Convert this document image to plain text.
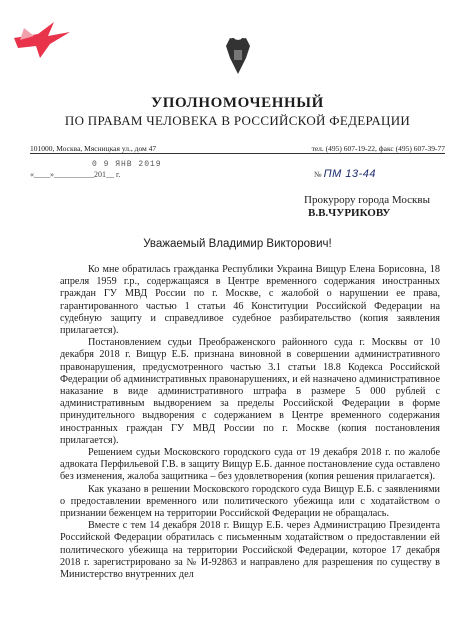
УПОЛНОМОЧЕННЫЙ
ПО ПРАВАМ ЧЕЛОВЕКА В РОССИЙСКОЙ ФЕДЕРАЦИИ
101000, Москва, Мясницкая ул., дом 47	тел. (495) 607-19-22, факс (495) 607-39-77
0 9 ЯНВ 2019
«____»__________201__ г.	№ ПМ 13-44
Прокурору города Москвы
В.В.ЧУРИКОВУ
Уважаемый Владимир Викторович!

Ко мне обратилась гражданка Республики Украина Вищур Елена Борисовна, 18 апреля 1959 г.р., содержащаяся в Центре временного содержания иностранных граждан ГУ МВД России по г. Москве, с жалобой о нарушении ее права, гарантированного частью 1 статьи 46 Конституции Российской Федерации на судебную защиту и справедливое судебное разбирательство (копия заявления прилагается).

Постановлением судьи Преображенского районного суда г. Москвы от 10 декабря 2018 г. Вищур Е.Б. признана виновной в совершении административного правонарушения, предусмотренного частью 3.1 статьи 18.8 Кодекса Российской Федерации об административных правонарушениях, и ей назначено административное наказание в виде административного штрафа в размере 5 000 рублей с административным выдворением за пределы Российской Федерации в форме принудительного выдворения с содержанием в Центре временного содержания иностранных граждан ГУ МВД России по г. Москве (копия постановления прилагается).

Решением судьи Московского городского суда от 19 декабря 2018 г. по жалобе адвоката Перфильевой Г.В. в защиту Вищур Е.Б. данное постановление суда оставлено без изменения, жалоба защитника – без удовлетворения (копия решения прилагается).

Как указано в решении Московского городского суда Вищур Е.Б. с заявлениями о предоставлении временного или политического убежища или с ходатайством о признании беженцем на территории Российской Федерации не обращалась.

Вместе с тем 14 декабря 2018 г. Вищур Е.Б. через Администрацию Президента Российской Федерации обратилась с письменным ходатайством о предоставлении ей политического убежища на территории Российской Федерации, которое 17 декабря 2018 г. зарегистрировано за № И-92863 и направлено для разрешения по существу в Министерство внутренних дел
